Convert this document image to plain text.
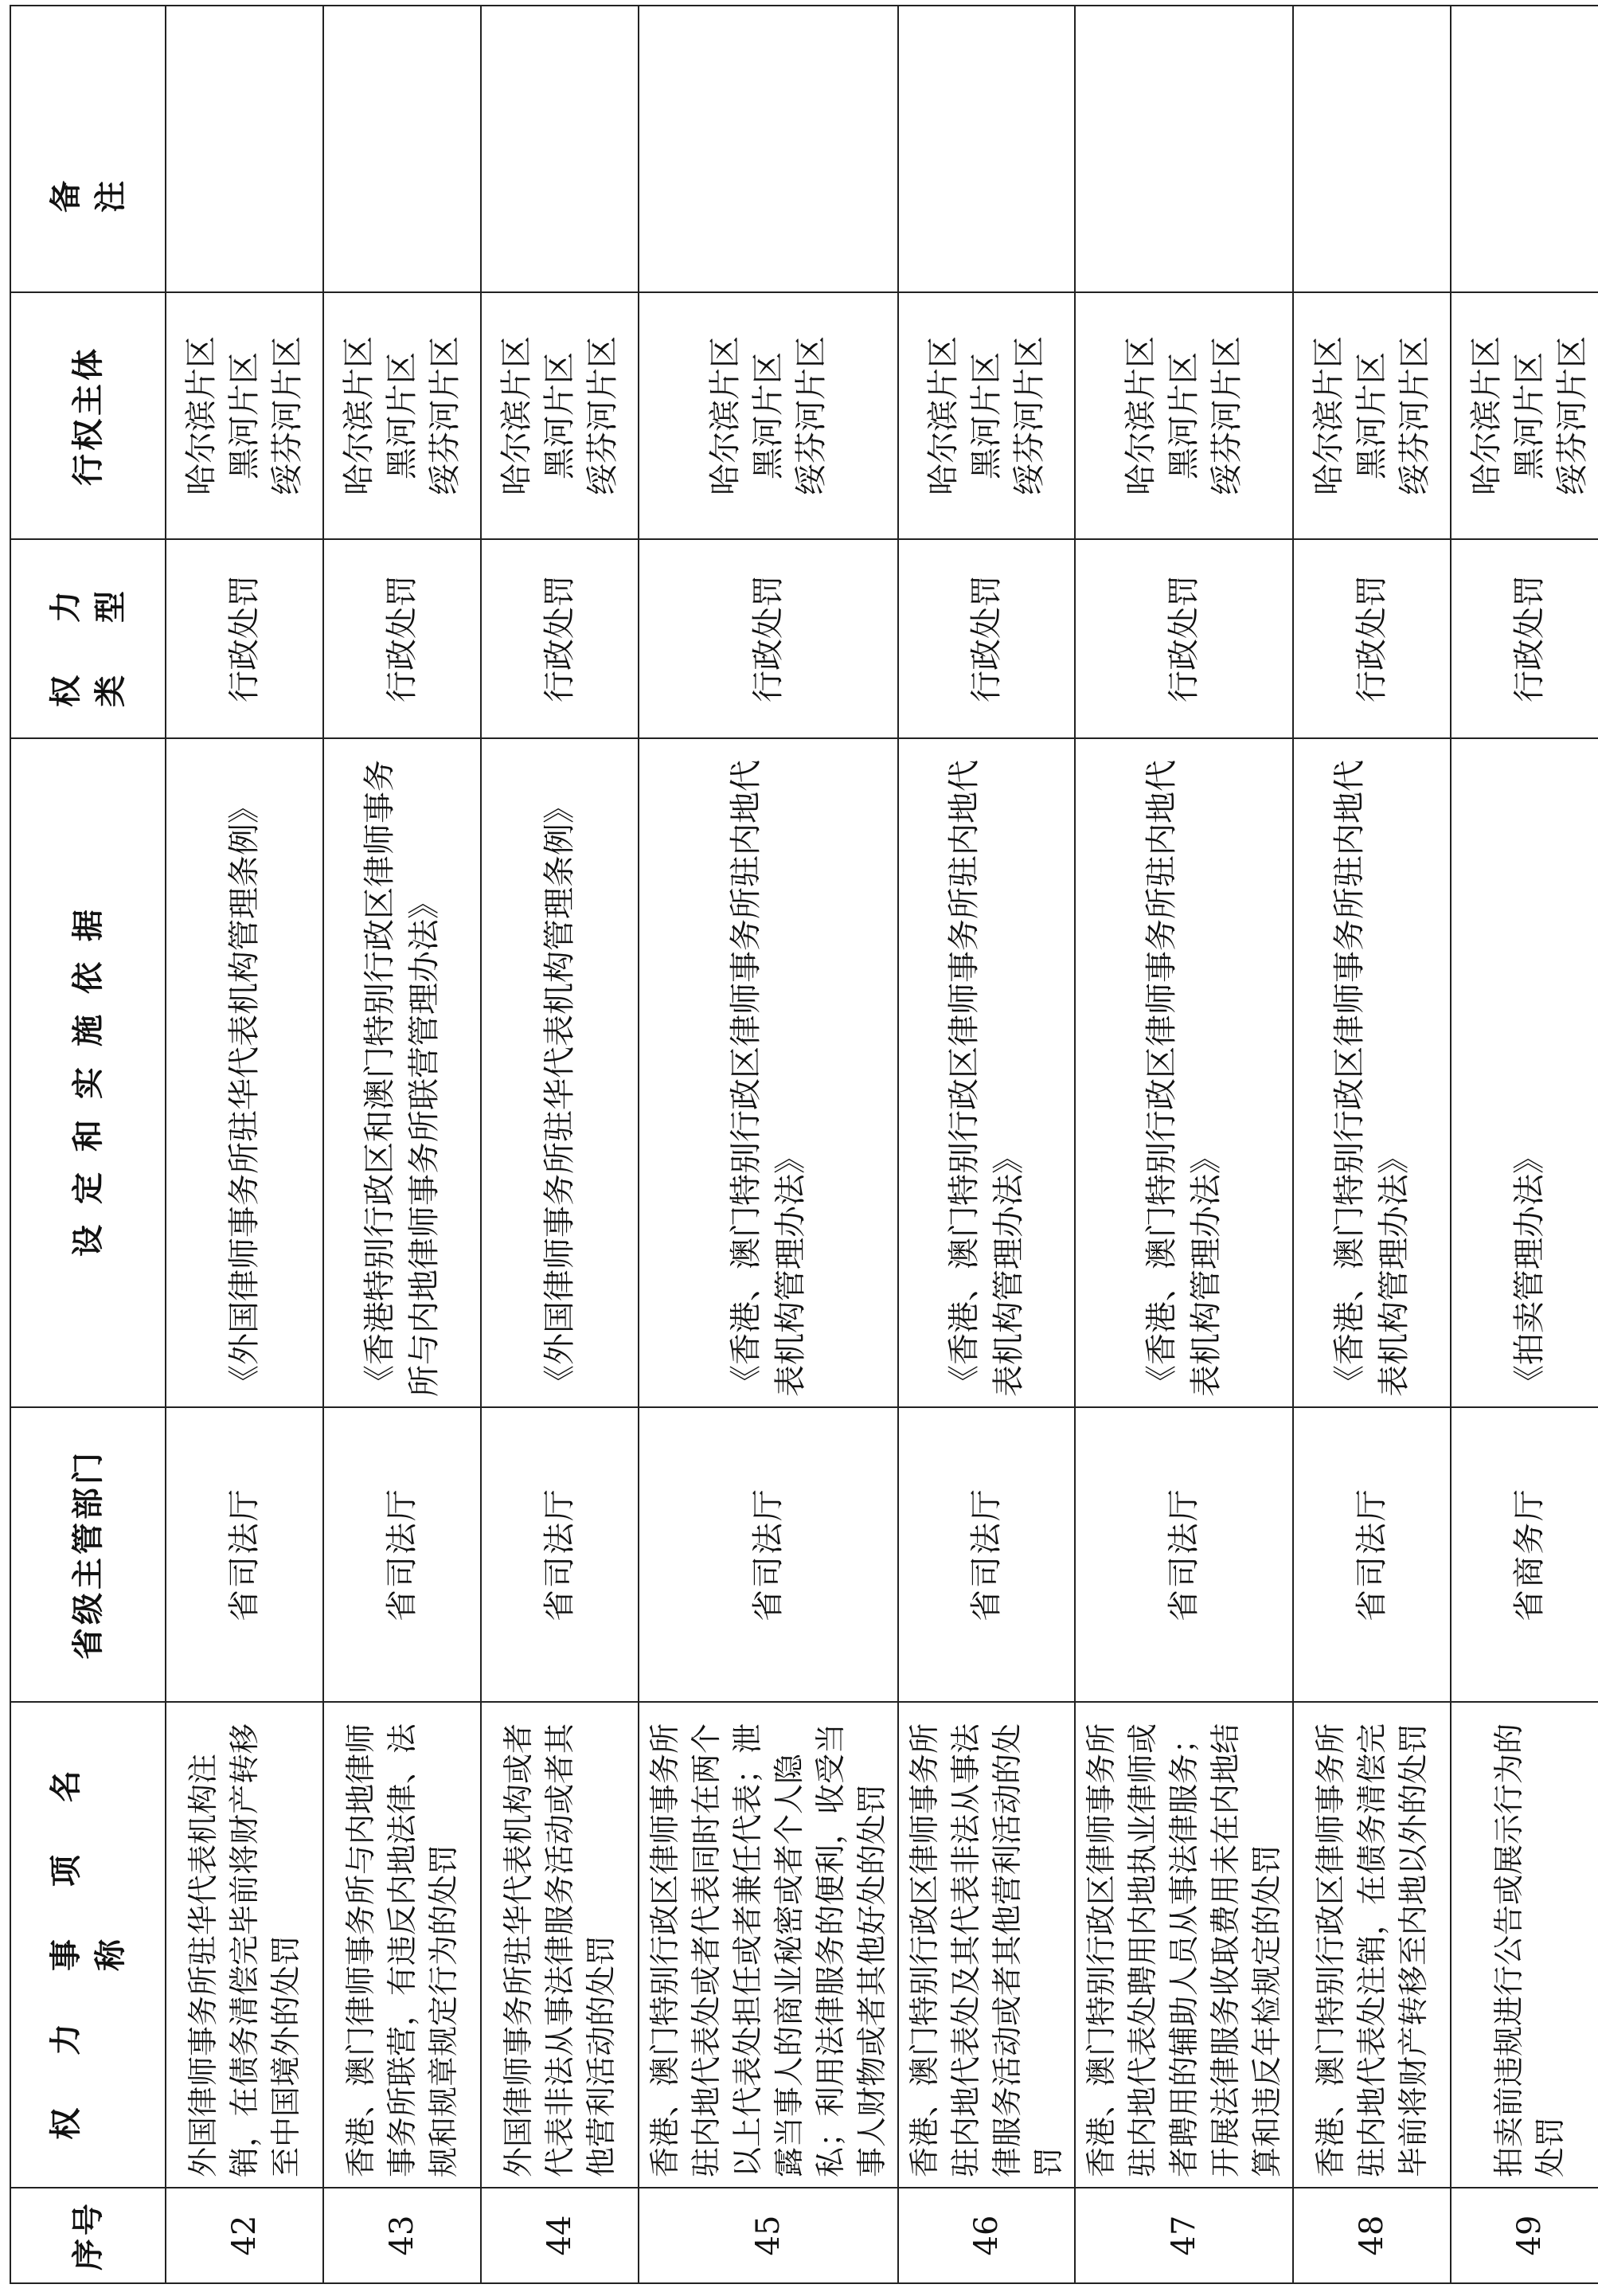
序号	权 力 事 项 名 称	省级主管部门	设定和实施依据	权 力 类 型	行权主体	备 注
42	外国律师事务所驻华代表机构注销，在债务清偿完毕前将财产转移至中国境外的处罚	省司法厅	《外国律师事务所驻华代表机构管理条例》	行政处罚	哈尔滨片区 黑河片区 绥芬河片区	

43	香港、澳门律师事务所与内地律师事务所联营，有违反内地法律、法规和规章规定行为的处罚	省司法厅	《香港特别行政区和澳门特别行政区律师事务所与内地律师事务所联营管理办法》	行政处罚	哈尔滨片区 黑河片区 绥芬河片区	

44	外国律师事务所驻华代表机构或者代表非法从事法律服务活动或者其他营利活动的处罚	省司法厅	《外国律师事务所驻华代表机构管理条例》	行政处罚	哈尔滨片区 黑河片区 绥芬河片区	

45	香港、澳门特别行政区律师事务所驻内地代表处或者代表同时在两个以上代表处担任或者兼任代表；泄露当事人的商业秘密或者个人隐私；利用法律服务的便利，收受当事人财物或者其他好处的处罚	省司法厅	《香港、澳门特别行政区律师事务所驻内地代表机构管理办法》	行政处罚	哈尔滨片区 黑河片区 绥芬河片区	

46	香港、澳门特别行政区律师事务所驻内地代表处及其代表非法从事法律服务活动或者其他营利活动的处罚	省司法厅	《香港、澳门特别行政区律师事务所驻内地代表机构管理办法》	行政处罚	哈尔滨片区 黑河片区 绥芬河片区	

47	香港、澳门特别行政区律师事务所驻内地代表处聘用内地执业律师或者聘用的辅助人员从事法律服务；开展法律服务收取费用未在内地结算和违反年检规定的处罚	省司法厅	《香港、澳门特别行政区律师事务所驻内地代表机构管理办法》	行政处罚	哈尔滨片区 黑河片区 绥芬河片区	

48	香港、澳门特别行政区律师事务所驻内地代表处注销，在债务清偿完毕前将财产转移至内地以外的处罚	省司法厅	《香港、澳门特别行政区律师事务所驻内地代表机构管理办法》	行政处罚	哈尔滨片区 黑河片区 绥芬河片区	

49	拍卖前违规进行公告或展示行为的处罚	省商务厅	《拍卖管理办法》	行政处罚	哈尔滨片区 黑河片区 绥芬河片区	
